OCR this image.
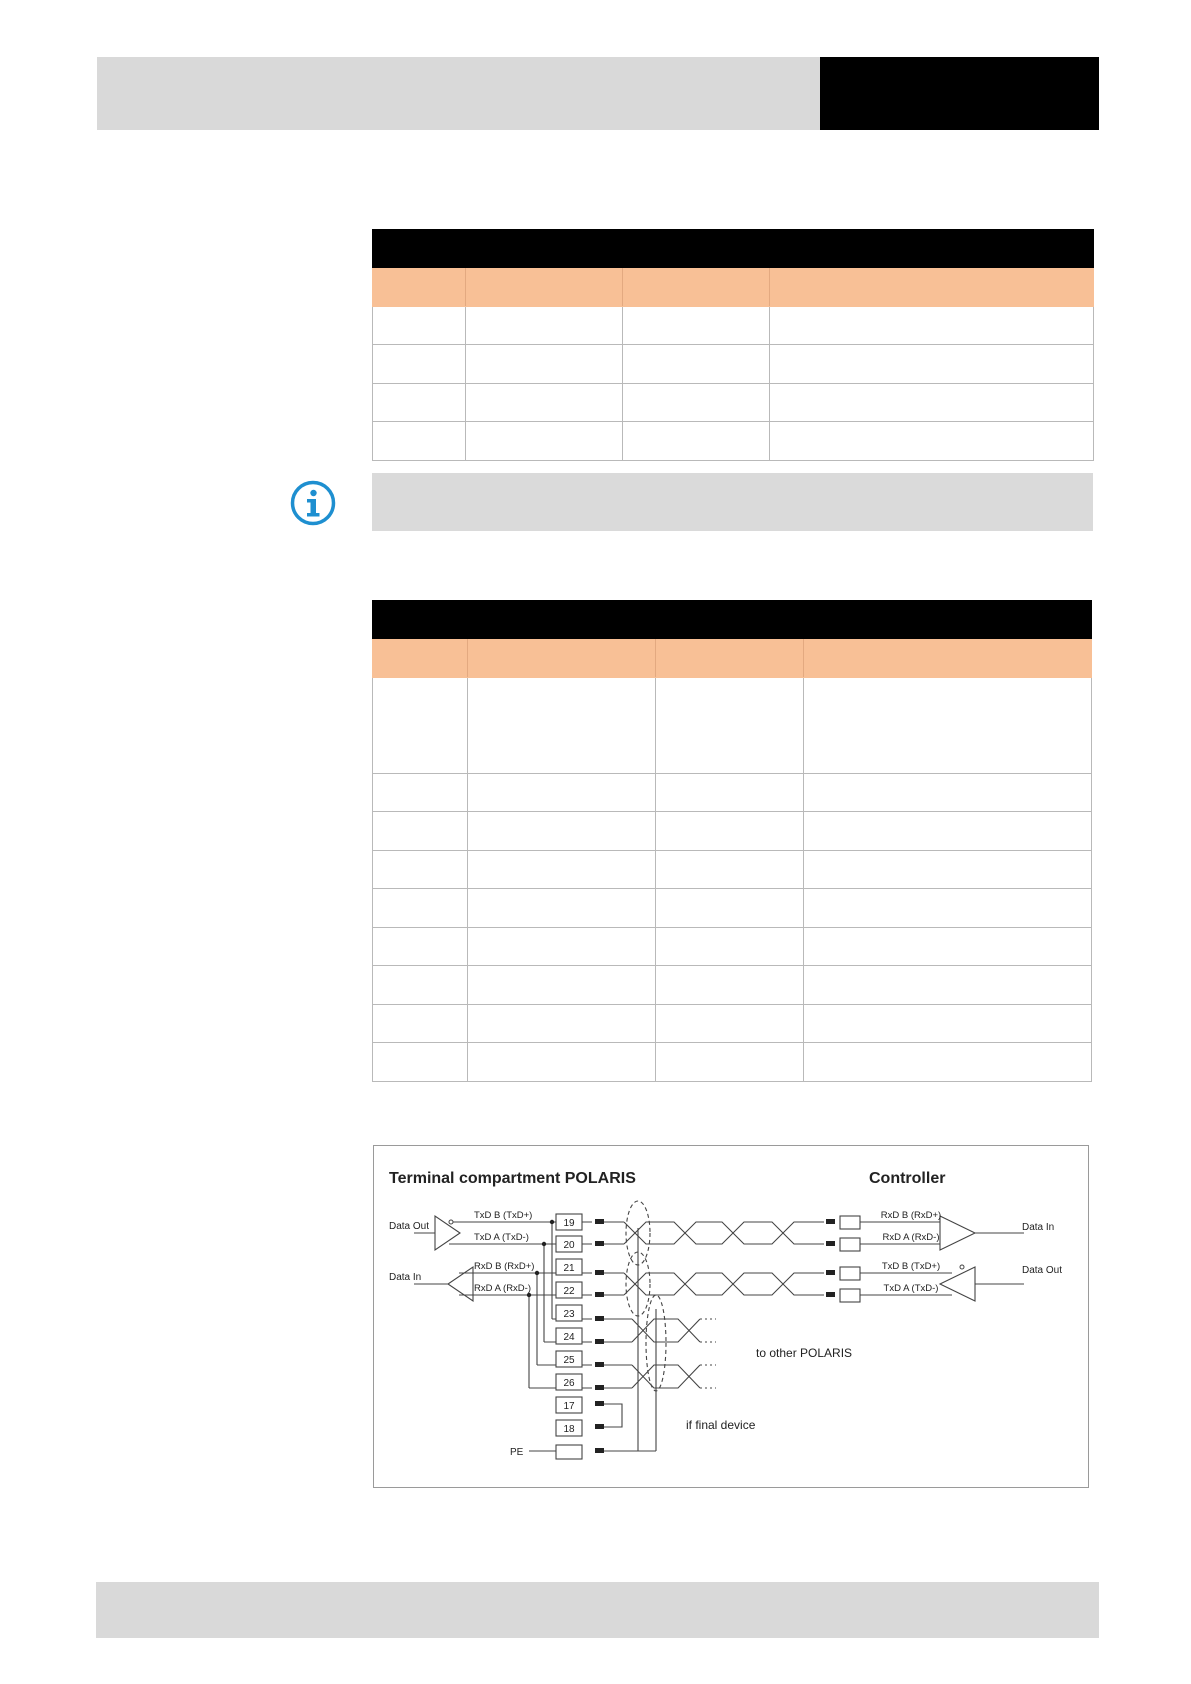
Terminal compartment POLARIS	Controller
Data Out
Data In
TxD B (TxD+)
TxD A (TxD-)
RxD B (RxD+)
RxD A (RxD-)
PE
19
20
21
22
23
24
25
26
17
18
RxD B (RxD+)
RxD A (RxD-)
TxD B (TxD+)
TxD A (TxD-)
Data In
Data Out
to other POLARIS
if final device
